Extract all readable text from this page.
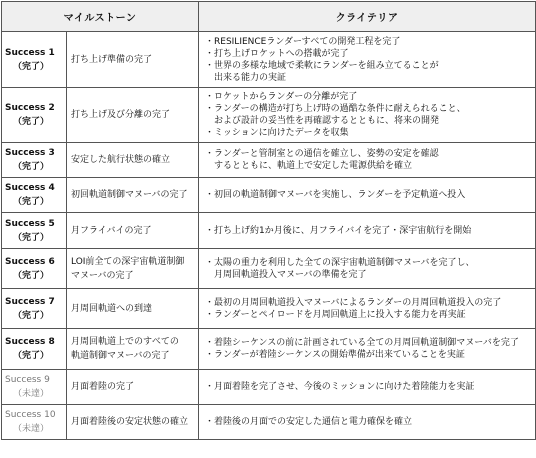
マイルストーン		クライテリア
Success 1
（完了）	打ち上げ準備の完了	・RESILIENCEランダーすべての開発工程を完了
・打ち上げロケットへの搭載が完了
・世界の多様な地域で柔軟にランダーを組み立てることが
出来る能力の実証

Success 2
（完了）	打ち上げ及び分離の完了	・ロケットからランダーの分離が完了
・ランダーの構造が打ち上げ時の過酷な条件に耐えられること、
および設計の妥当性を再確認するとともに、将来の開発
・ミッションに向けたデータを収集

Success 3
（完了）	安定した航行状態の確立	・ランダーと管制室との通信を確立し、姿勢の安定を確認
するとともに、軌道上で安定した電源供給を確立

Success 4
（完了）	初回軌道制御マヌーバの完了	・初回の軌道制御マヌーバを実施し、ランダーを予定軌道へ投入

Success 5
（完了）	月フライバイの完了	・打ち上げ約1か月後に、月フライバイを完了・深宇宙航行を開始

Success 6
（完了）	LOI前全ての深宇宙軌道制御
マヌーバの完了	・太陽の重力を利用した全ての深宇宙軌道制御マヌーバを完了し、
月周回軌道投入マヌーバの準備を完了

Success 7
（完了）	月周回軌道への到達	・最初の月周回軌道投入マヌーバによるランダーの月周回軌道投入の完了
・ランダーとペイロードを月周回軌道上に投入する能力を再実証

Success 8
（完了）	月周回軌道上でのすべての
軌道制御マヌーバの完了	・着陸シーケンスの前に計画されている全ての月周回軌道制御マヌーバを完了
・ランダーが着陸シーケンスの開始準備が出来ていることを実証

Success 9
（未達）	月面着陸の完了	・月面着陸を完了させ、今後のミッションに向けた着陸能力を実証

Success 10
（未達）	月面着陸後の安定状態の確立	・着陸後の月面での安定した通信と電力確保を確立
